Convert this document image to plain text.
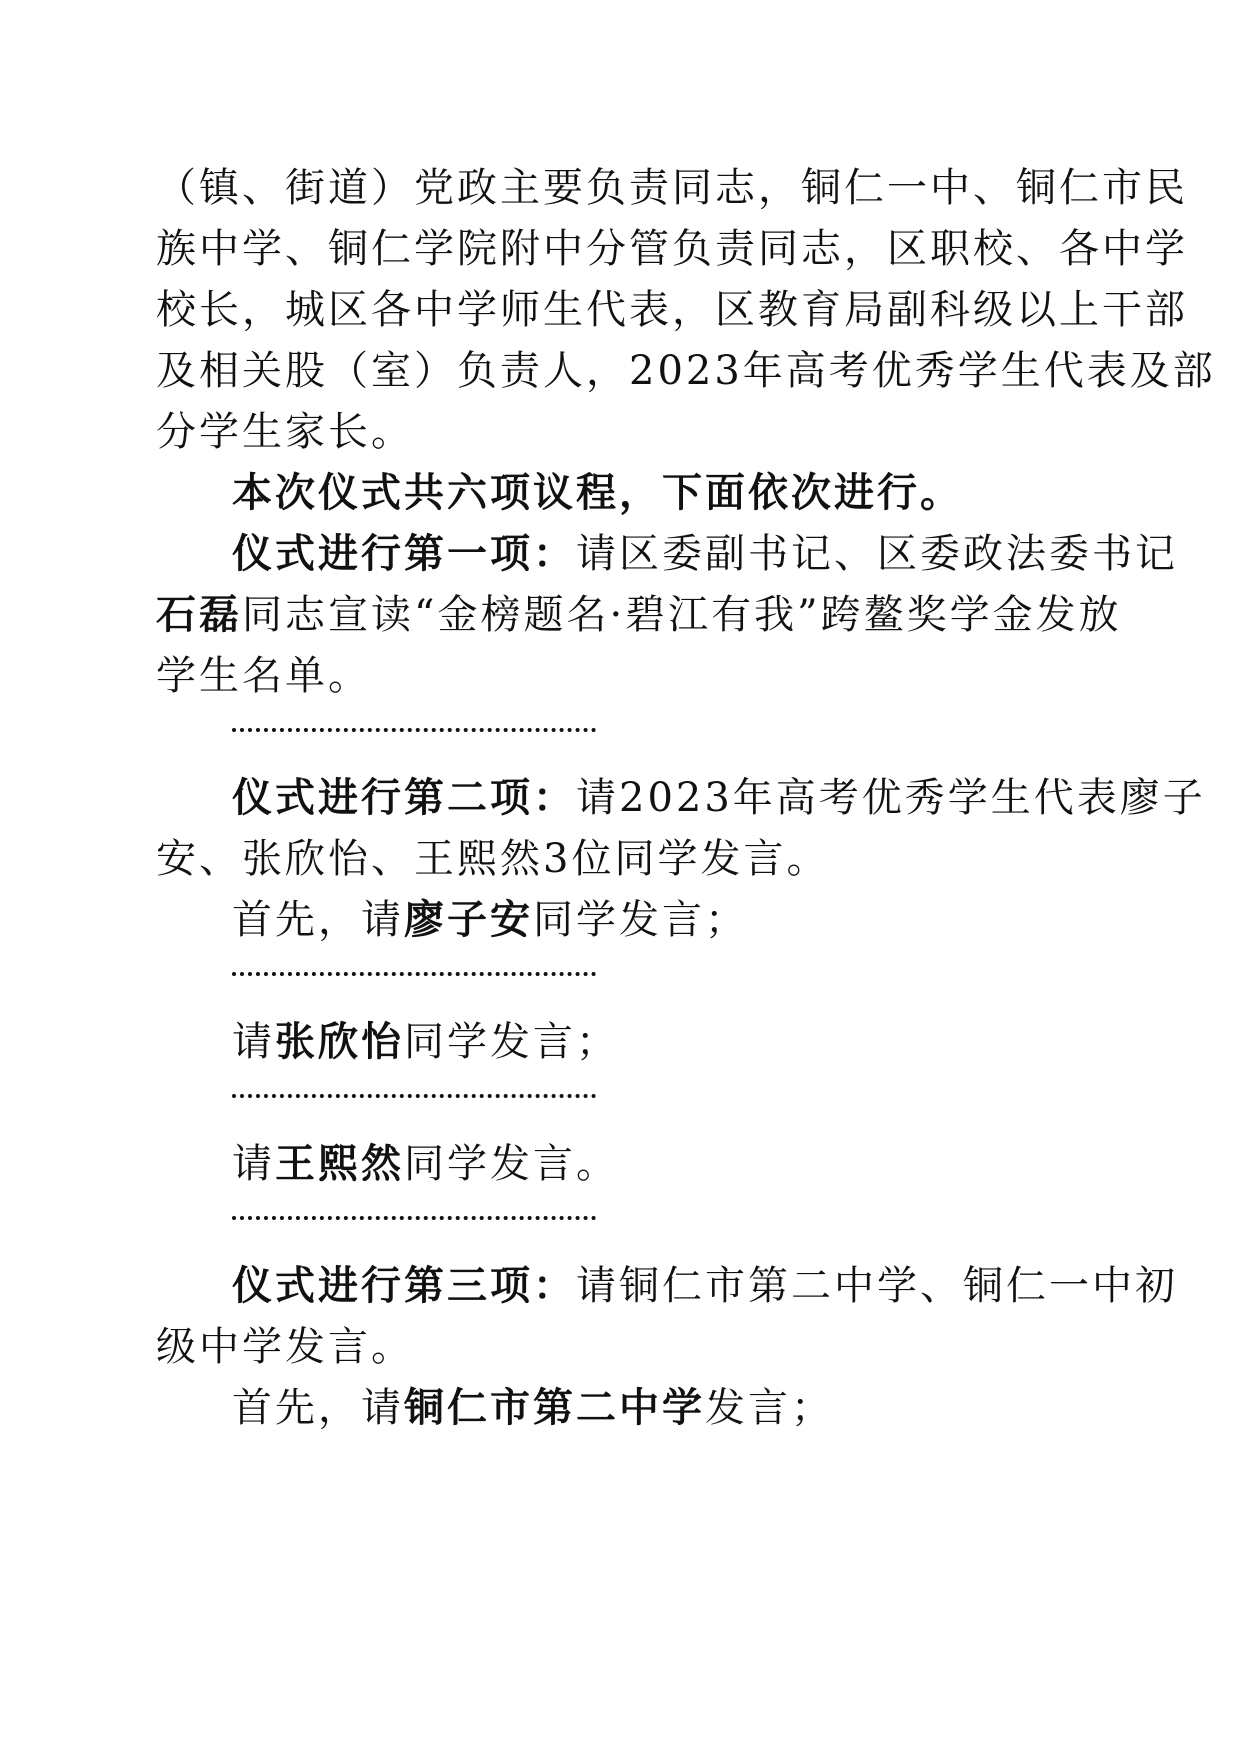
（镇、街道）党政主要负责同志，铜仁一中、铜仁市民
族中学、铜仁学院附中分管负责同志，区职校、各中学
校长，城区各中学师生代表，区教育局副科级以上干部
及相关股（室）负责人，2023年高考优秀学生代表及部
分学生家长。
本次仪式共六项议程，下面依次进行。
仪式进行第一项：请区委副书记、区委政法委书记
石磊同志宣读“金榜题名·碧江有我”跨鳌奖学金发放
学生名单。
仪式进行第二项：请2023年高考优秀学生代表廖子
安、张欣怡、王熙然3位同学发言。
首先，请廖子安同学发言；
请张欣怡同学发言；
请王熙然同学发言。
仪式进行第三项：请铜仁市第二中学、铜仁一中初
级中学发言。
首先，请铜仁市第二中学发言；
